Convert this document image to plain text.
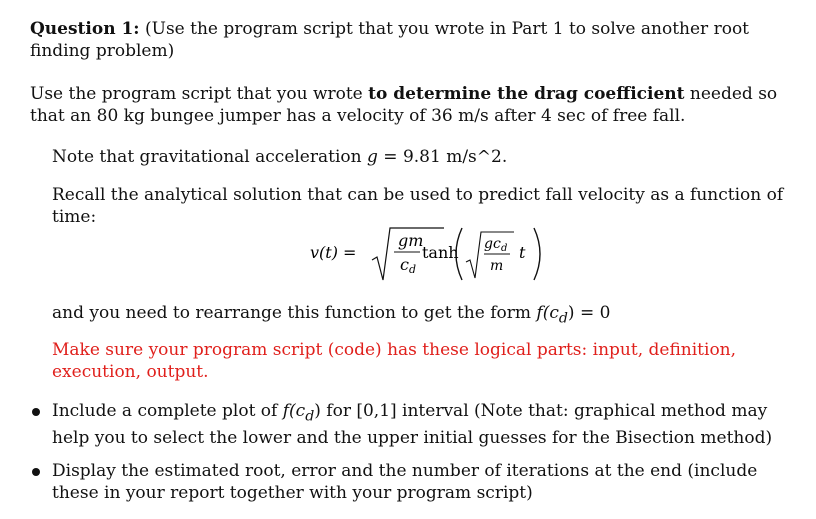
Question 1: (Use the program script that you wrote in Part 1 to solve another root finding problem)

Use the program script that you wrote to determine the drag coefficient needed so that an 80 kg bungee jumper has a velocity of 36 m/s after 4 sec of free fall.

Note that gravitational acceleration g = 9.81 m/s^2.

Recall the analytical solution that can be used to predict fall velocity as a function of time:

v(t) =
gm
c d
tanh gc d
m
t

and you need to rearrange this function to get the form $f(c_d) = 0$

Make sure your program script (code) has these logical parts: input, definition, execution, output.

Include a complete plot of $f(c_d)$ for [0,1] interval (Note that: graphical method may help you to select the lower and the upper initial guesses for the Bisection method)

Display the estimated root, error and the number of iterations at the end (include these in your report together with your program script)
